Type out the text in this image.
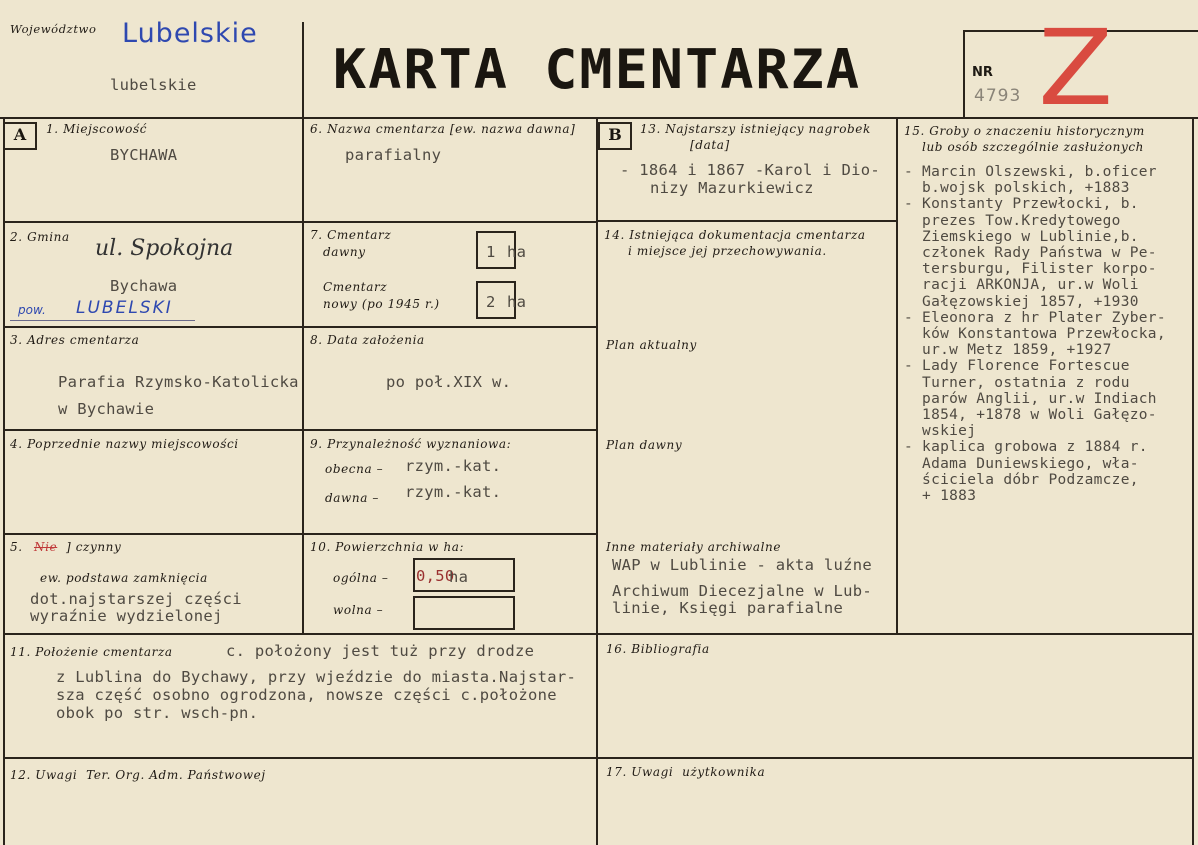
A	B
Województwo Lubelskie
lubelskie	KARTA CMENTARZA	NR
4793 Z
1. Miejscowość
BYCHAWA
2. Gmina ul. Spokojna
Bychawa
pow. LUBELSKI
3. Adres cmentarza
Parafia Rzymsko-Katolicka
w Bychawie
4. Poprzednie nazwy miejscowości
5. Nie ] czynny
ew. podstawa zamknięcia
dot.najstarszej części
wyraźnie wydzielonej
6. Nazwa cmentarza [ew. nazwa dawna]
parafialny
7. Cmentarz
dawny	1 ha
Cmentarz
nowy (po 1945 r.)	2 ha
8. Data założenia
po poł.XIX w.
9. Przynależność wyznaniowa:
obecna – rzym.-kat.
dawna – rzym.-kat.
10. Powierzchnia w ha:
ogólna – 0,50
ha
wolna –
11. Położenie cmentarza	c. położony jest tuż przy drodze
z Lublina do Bychawy, przy wjeździe do miasta.Najstar-
sza część osobno ogrodzona, nowsze części c.położone
obok po str. wsch-pn.
12. Uwagi  Ter. Org. Adm. Państwowej
13. Najstarszy istniejący nagrobek
[data]
- 1864 i 1867 -Karol i Dio-
nizy Mazurkiewicz
14. Istniejąca dokumentacja cmentarza
i miejsce jej przechowywania.
Plan aktualny
Plan dawny
Inne materiały archiwalne
WAP w Lublinie - akta luźne
Archiwum Diecezjalne w Lub-
linie, Księgi parafialne
15. Groby o znaczeniu historycznym
lub osób szczególnie zasłużonych
- Marcin Olszewski, b.oficer
b.wojsk polskich, +1883
- Konstanty Przewłocki, b.
prezes Tow.Kredytowego
Ziemskiego w Lublinie,b.
członek Rady Państwa w Pe-
tersburgu, Filister korpo-
racji ARKONJA, ur.w Woli
Gałęzowskiej 1857, +1930
- Eleonora z hr Plater Zyber-
ków Konstantowa Przewłocka,
ur.w Metz 1859, +1927
- Lady Florence Fortescue
Turner, ostatnia z rodu
parów Anglii, ur.w Indiach
1854, +1878 w Woli Gałęzo-
wskiej
- kaplica grobowa z 1884 r.
Adama Duniewskiego, wła-
ściciela dóbr Podzamcze,
+ 1883
16. Bibliografia
17. Uwagi  użytkownika
